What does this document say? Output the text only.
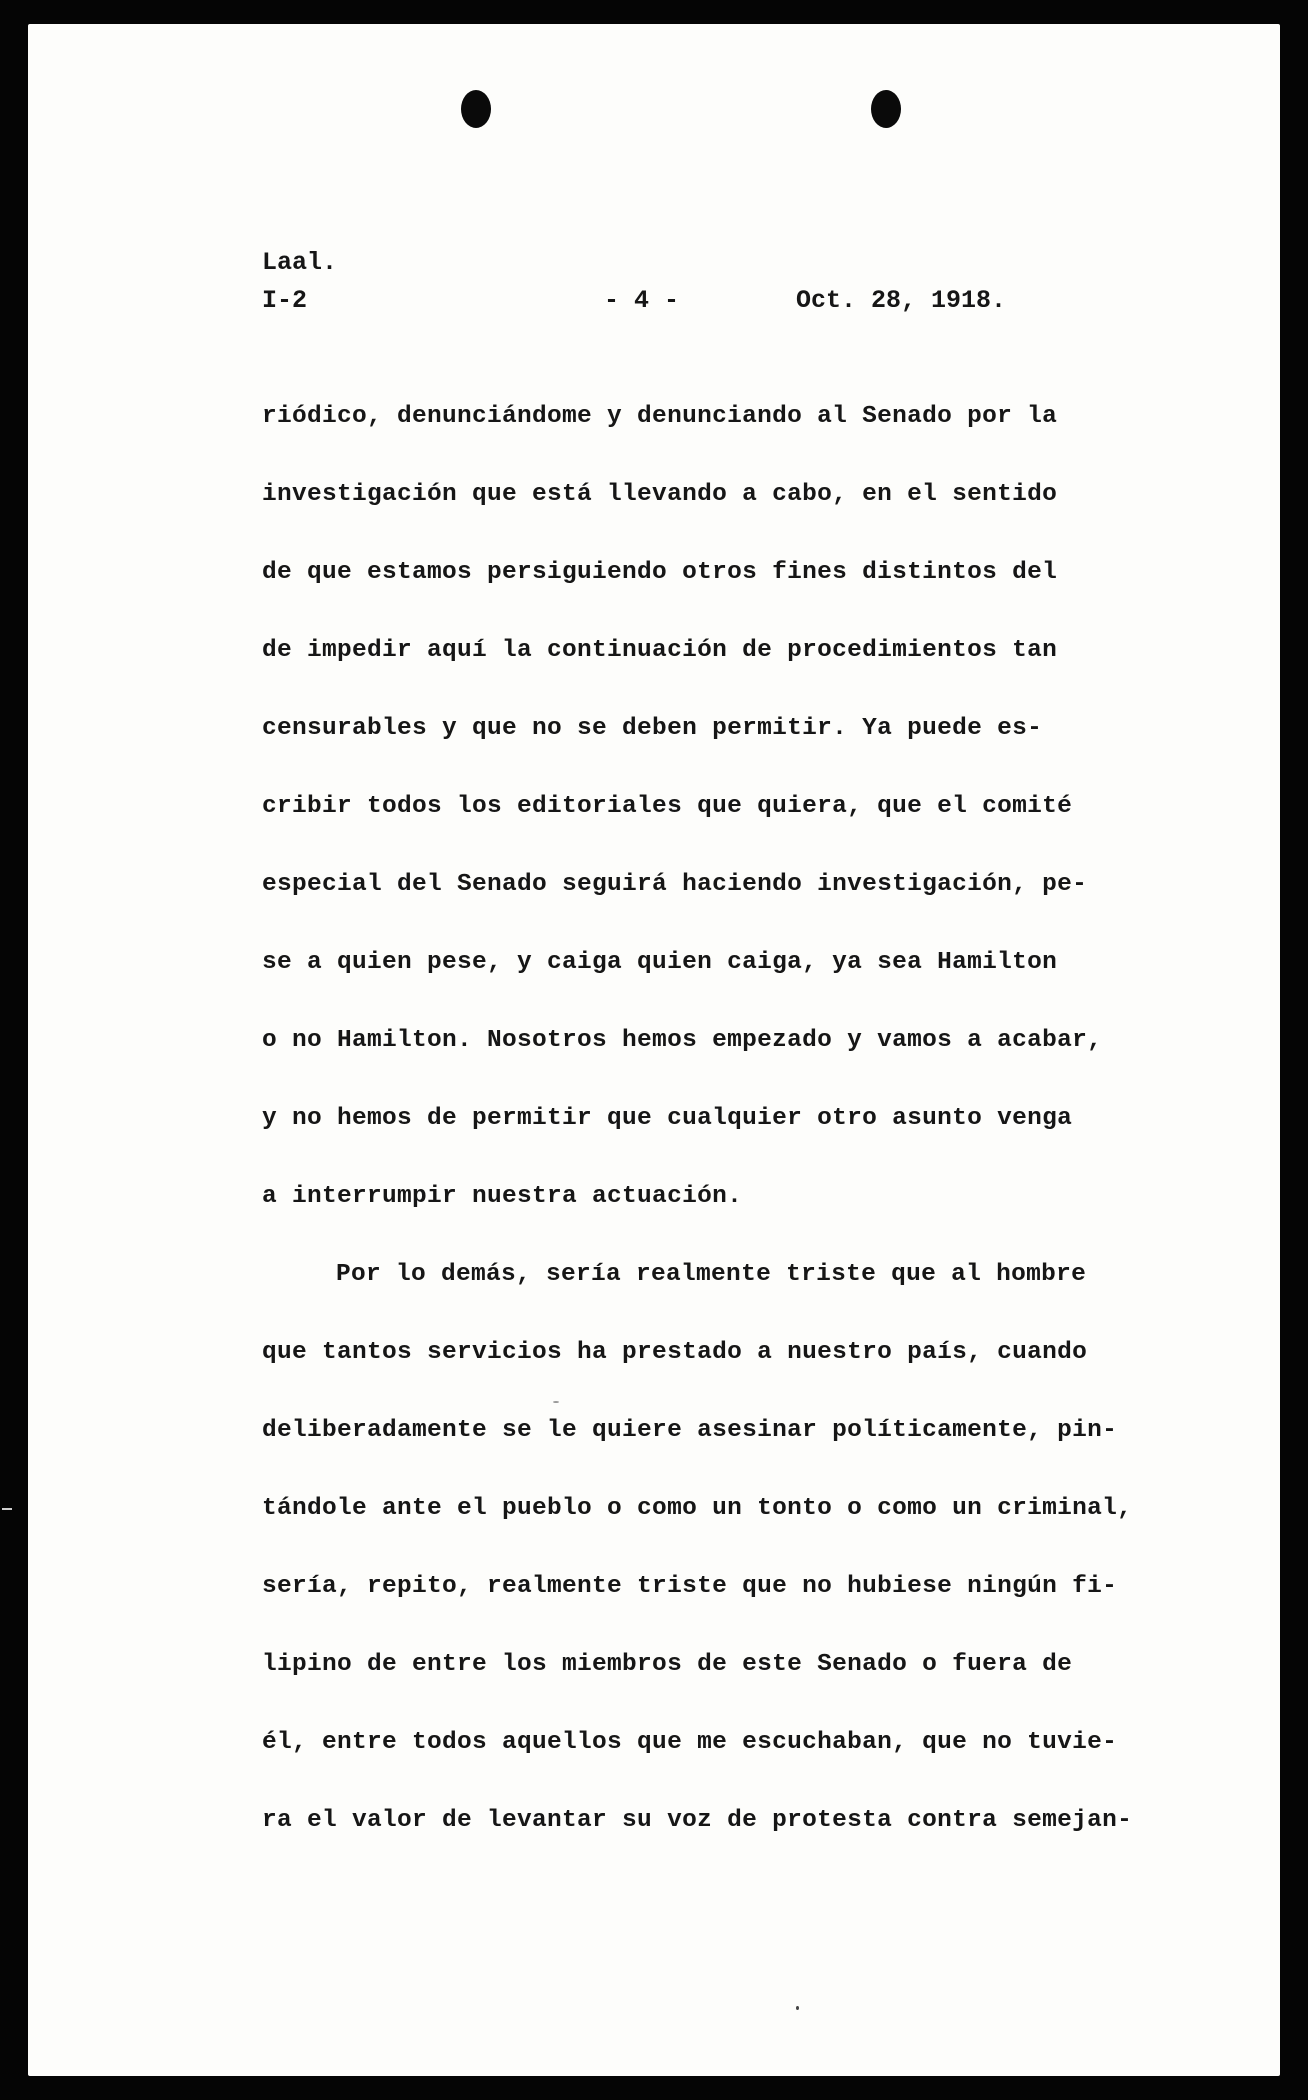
Laal.
I-2	- 4 -	Oct. 28, 1918.
riódico, denunciándome y denunciando al Senado por la
investigación que está llevando a cabo, en el sentido
de que estamos persiguiendo otros fines distintos del
de impedir aquí la continuación de procedimientos tan
censurables y que no se deben permitir. Ya puede es-
cribir todos los editoriales que quiera, que el comité
especial del Senado seguirá haciendo investigación, pe-
se a quien pese, y caiga quien caiga, ya sea Hamilton
o no Hamilton. Nosotros hemos empezado y vamos a acabar,
y no hemos de permitir que cualquier otro asunto venga
a interrumpir nuestra actuación.
Por lo demás, sería realmente triste que al hombre
que tantos servicios ha prestado a nuestro país, cuando
deliberadamente se le quiere asesinar políticamente, pin-
tándole ante el pueblo o como un tonto o como un criminal,
sería, repito, realmente triste que no hubiese ningún fi-
lipino de entre los miembros de este Senado o fuera de
él, entre todos aquellos que me escuchaban, que no tuvie-
ra el valor de levantar su voz de protesta contra semejan-
